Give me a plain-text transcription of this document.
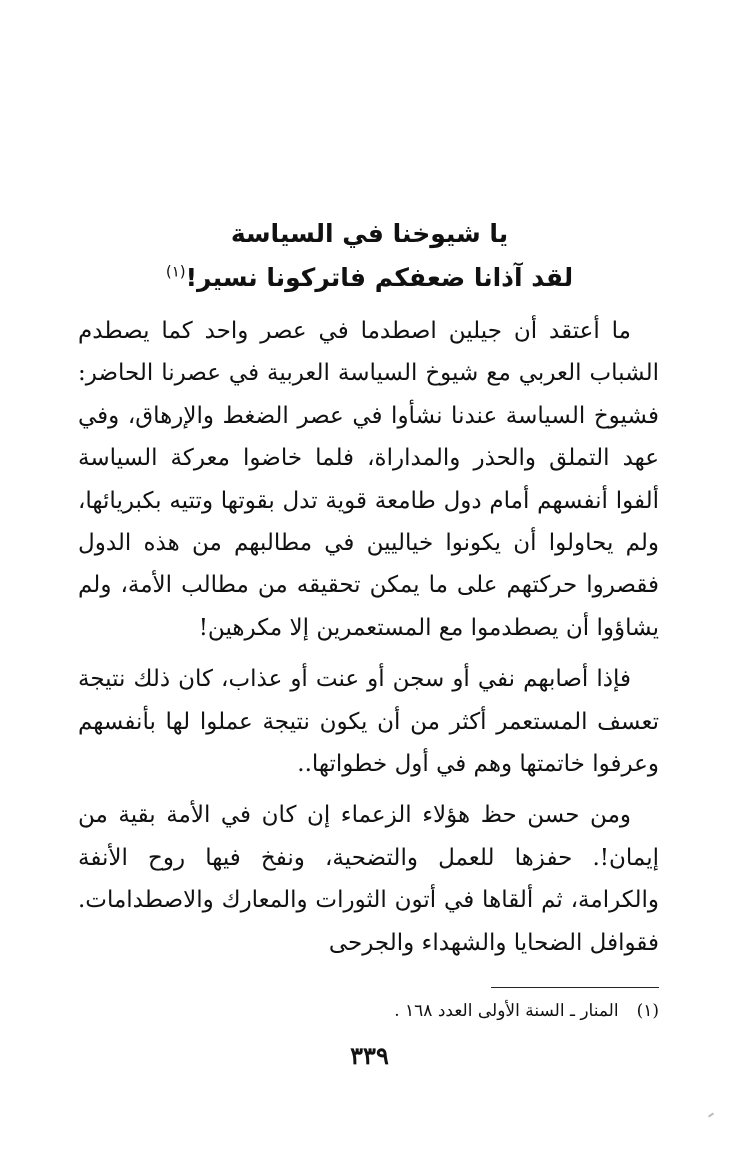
يا شيوخنا في السياسة

لقد آذانا ضعفكم فاتركونا نسير!$^{(١)}$

ما أعتقد أن جيلين اصطدما في عصر واحد كما يصطدم الشباب العربي مع شيوخ السياسة العربية في عصرنا الحاضر: فشيوخ السياسة عندنا نشأوا في عصر الضغط والإرهاق، وفي عهد التملق والحذر والمداراة، فلما خاضوا معركة السياسة ألفوا أنفسهم أمام دول طامعة قوية تدل بقوتها وتتيه بكبريائها، ولم يحاولوا أن يكونوا خياليين في مطالبهم من هذه الدول فقصروا حركتهم على ما يمكن تحقيقه من مطالب الأمة، ولم يشاؤوا أن يصطدموا مع المستعمرين إلا مكرهين!

فإذا أصابهم نفي أو سجن أو عنت أو عذاب، كان ذلك نتيجة تعسف المستعمر أكثر من أن يكون نتيجة عملوا لها بأنفسهم وعرفوا خاتمتها وهم في أول خطواتها..

ومن حسن حظ هؤلاء الزعماء إن كان في الأمة بقية من إيمان!. حفزها للعمل والتضحية، ونفخ فيها روح الأنفة والكرامة، ثم ألقاها في أتون الثورات والمعارك والاصطدامات. فقوافل الضحايا والشهداء والجرحى

(١)المنار ـ السنة الأولى العدد ١٦٨ .
٣٣٩
